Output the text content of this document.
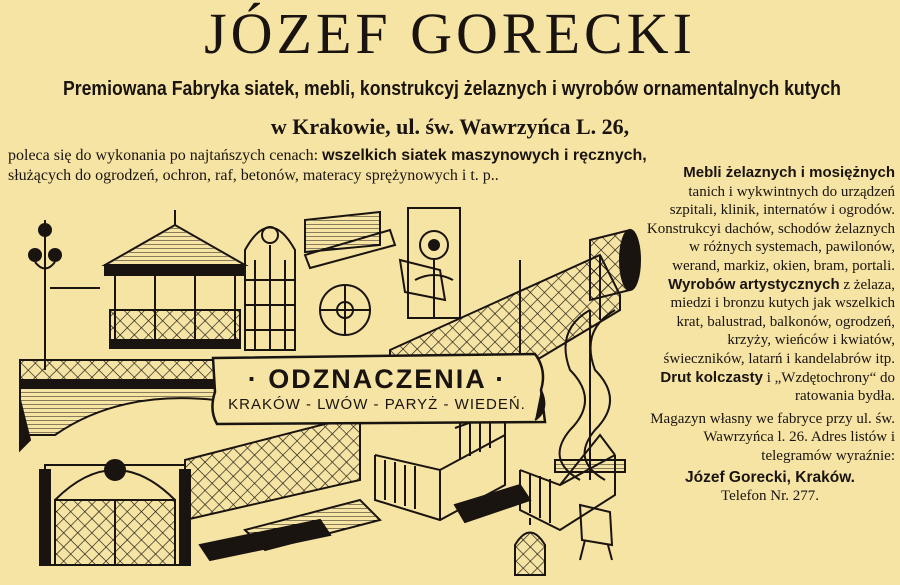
JÓZEF GORECKI
Premiowana Fabryka siatek, mebli, konstrukcyj żelaznych i wyrobów ornamentalnych kutych
w Krakowie, ul. św. Wawrzyńca L. 26,
poleca się do wykonania po najtańszych cenach: wszelkich siatek maszynowych i ręcznych,
służących do ogrodzeń, ochron, raf, betonów, materacy sprężynowych i t. p..	Mebli żelaznych i mosiężnych tanich i wykwintnych do urządzeń szpitali, klinik, internatów i ogrodów. Konstrukcyi dachów, schodów żelaznych w różnych systemach, pawilonów, werand, markiz, okien, bram, portali.

Wyrobów artystycznych z żelaza, miedzi i bronzu kutych jak wszelkich krat, balustrad, balkonów, ogrodzeń, krzyży, wieńców i kwiatów, świeczników, latarń i kandelabrów itp. Drut kolczasty i „Wzdętochrony“ do ratowania bydła.

Magazyn własny we fabryce przy ul. św. Wawrzyńca l. 26. Adres listów i telegramów wyraźnie:

Józef Gorecki, Kraków.

Telefon Nr. 277.

· ODZNACZENIA ·
KRAKÓW - LWÓW - PARYŻ - WIEDEŃ.
